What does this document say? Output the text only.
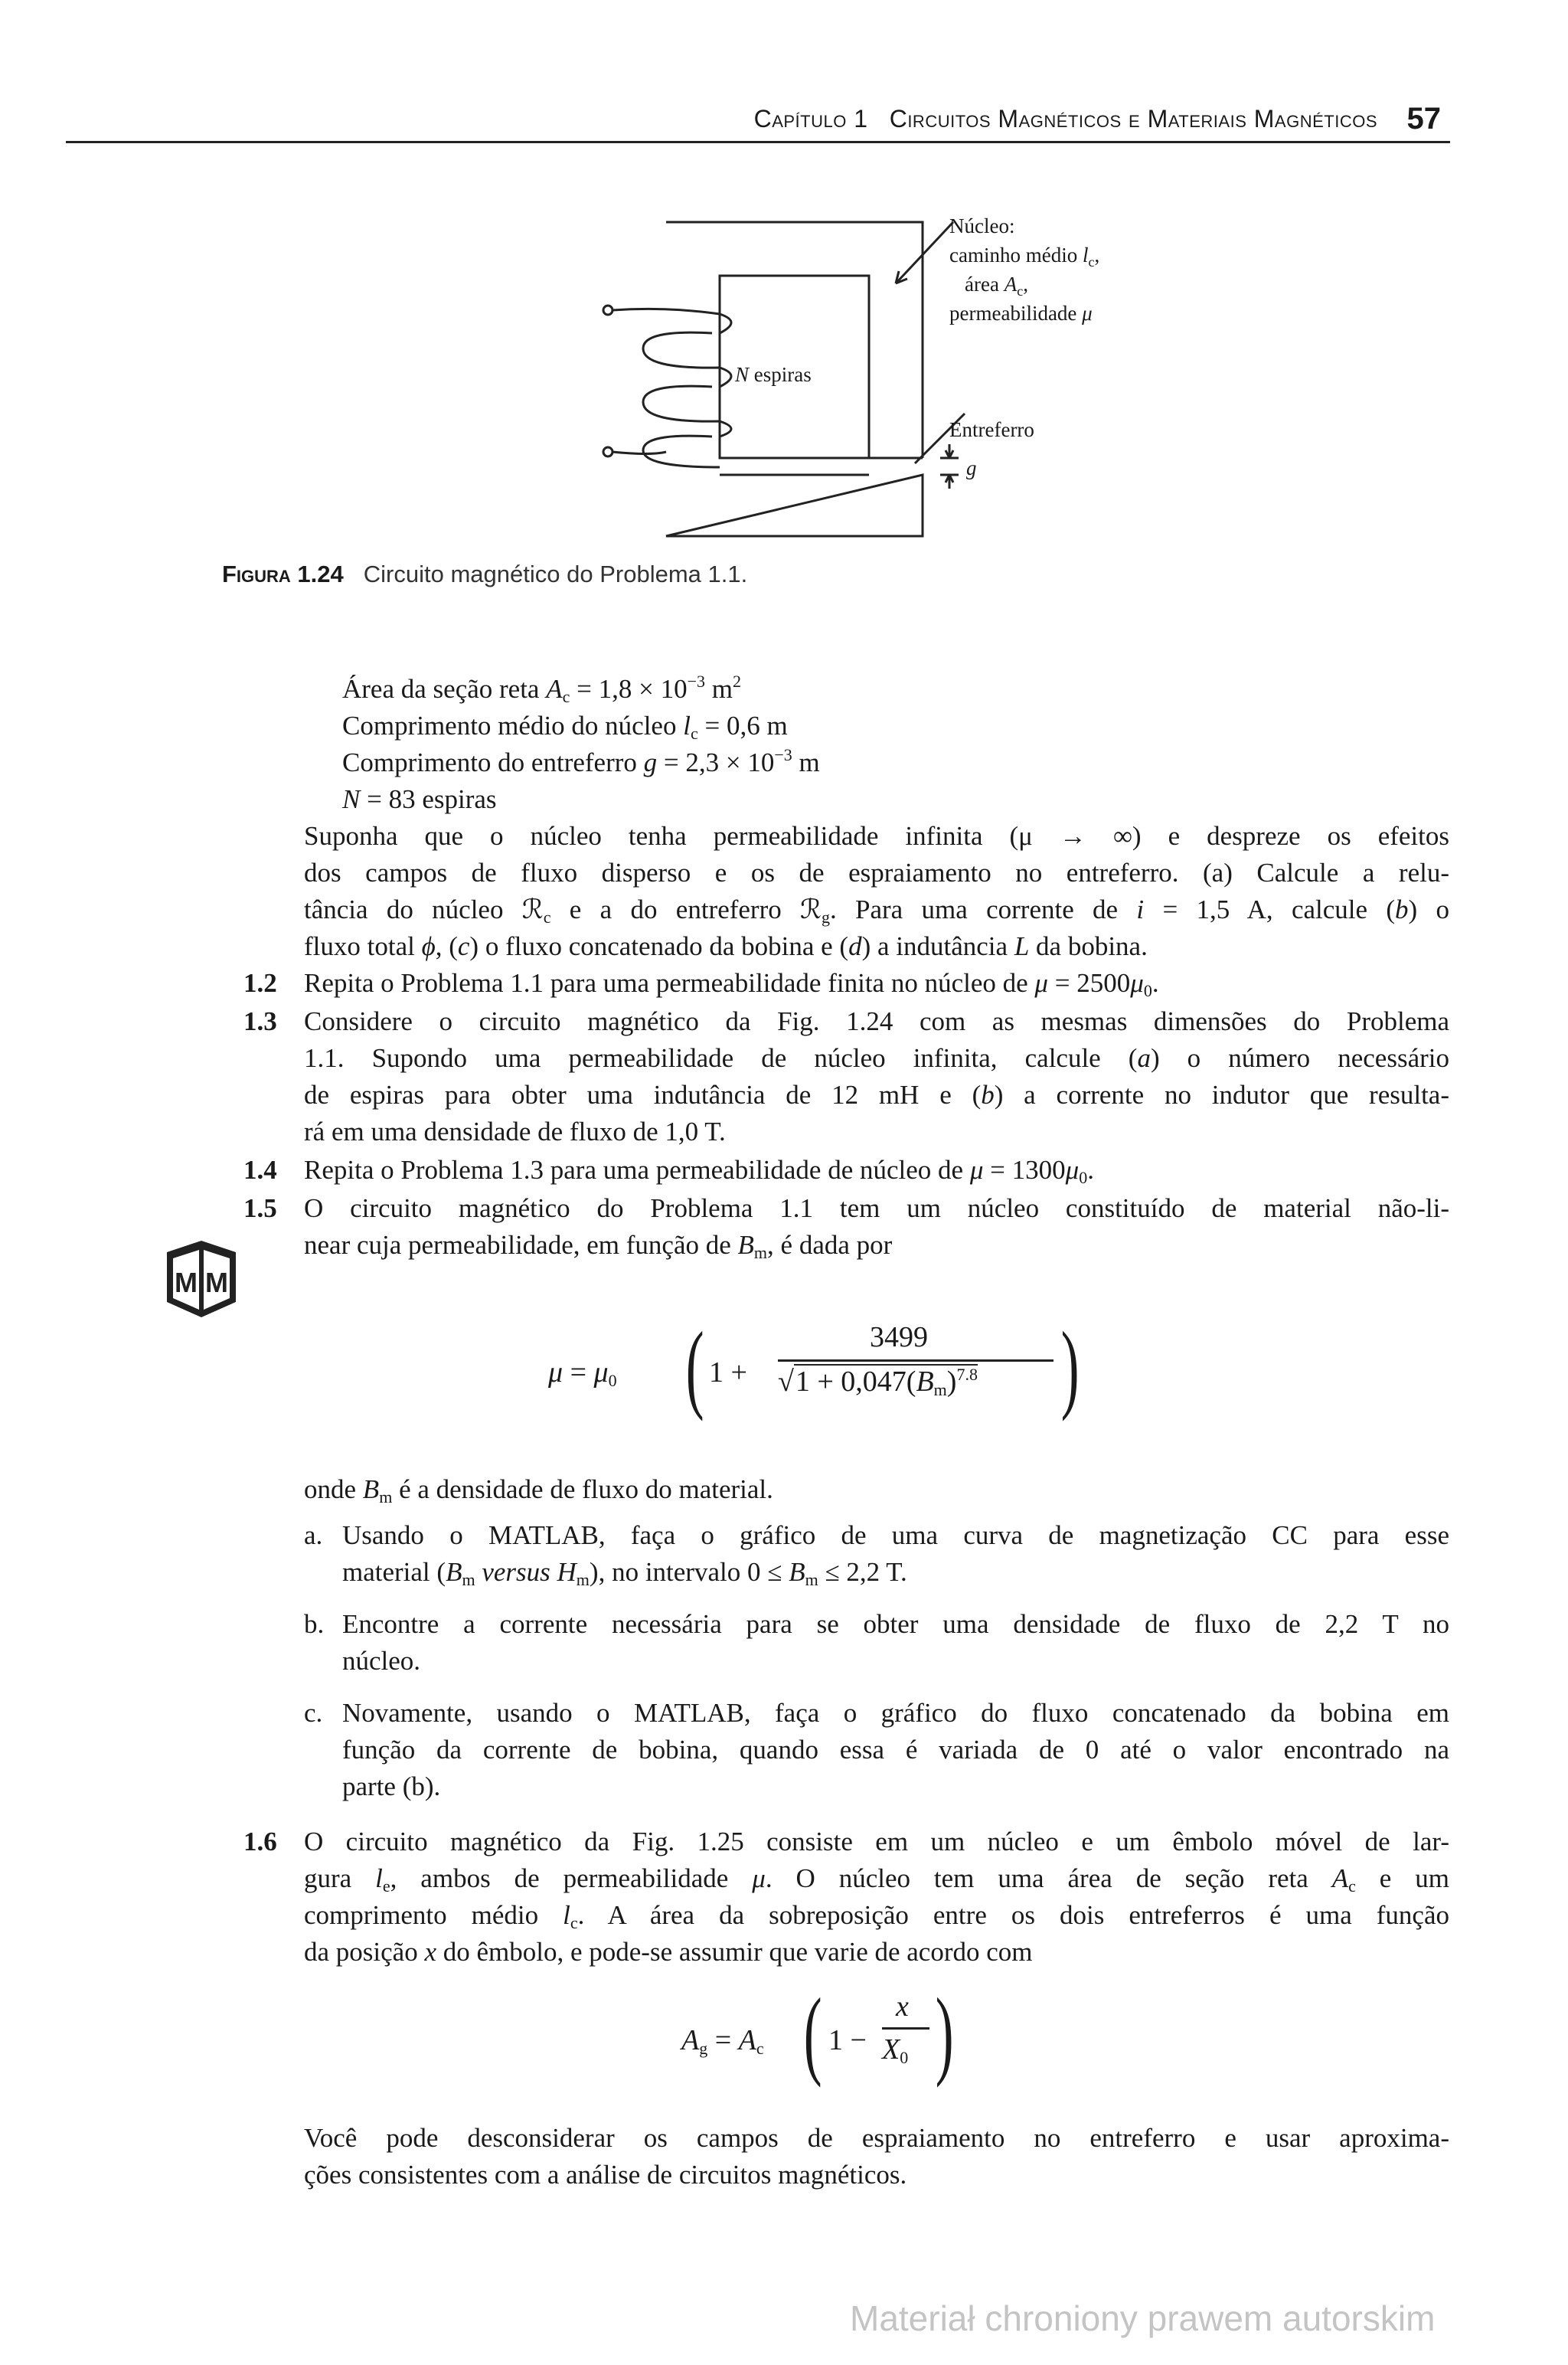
Capítulo 1 Circuitos Magnéticos e Materiais Magnéticos 57
Núcleo:
caminho médio $l_c$,
área $A_c$,
permeabilidade μ
N espiras
Entreferro
g
Figura 1.24 Circuito magnético do Problema 1.1.
Área da seção reta $A_c = 1,8 \times 10^{-3}$ $m^2$
Comprimento médio do núcleo $l_c = 0,6$ m
Comprimento do entreferro $g = 2,3 \times 10^{-3}$ m
N = 83 espiras
Suponha que o núcleo tenha permeabilidade infinita (μ → ∞) e despreze os efeitos
dos campos de fluxo disperso e os de espraiamento no entreferro. (a) Calcule a relu-
tância do núcleo ℛ$_c$ e a do entreferro ℛ$_g$. Para uma corrente de i = 1,5 A, calcule (b) o
fluxo total ϕ, (c) o fluxo concatenado da bobina e (d) a indutância L da bobina.
1.2 Repita o Problema 1.1 para uma permeabilidade finita no núcleo de $\mu = 2500\mu_0$.
1.3 Considere o circuito magnético da Fig. 1.24 com as mesmas dimensões do Problema
1.1. Supondo uma permeabilidade de núcleo infinita, calcule (a) o número necessário
de espiras para obter uma indutância de 12 mH e (b) a corrente no indutor que resulta-
rá em uma densidade de fluxo de 1,0 T.
1.4 Repita o Problema 1.3 para uma permeabilidade de núcleo de $\mu = 1300\mu_0$.
1.5 O circuito magnético do Problema 1.1 tem um núcleo constituído de material não-li-
near cuja permeabilidade, em função de $B_m$, é dada por
$\mu = \mu_0$ ( 1 +
3499
$√1 + 0,047(B_m)^{7.8}$ )
onde $B_m$ é a densidade de fluxo do material.
a. Usando o MATLAB, faça o gráfico de uma curva de magnetização CC para esse
material ($B_m$ versus $H_m$), no intervalo $0 \le B_m \le 2,2$ T.
b. Encontre a corrente necessária para se obter uma densidade de fluxo de 2,2 T no
núcleo.
c. Novamente, usando o MATLAB, faça o gráfico do fluxo concatenado da bobina em
função da corrente de bobina, quando essa é variada de 0 até o valor encontrado na
parte (b).
1.6 O circuito magnético da Fig. 1.25 consiste em um núcleo e um êmbolo móvel de lar-
gura $l_e$, ambos de permeabilidade μ. O núcleo tem uma área de seção reta $A_c$ e um
comprimento médio $l_c$. A área da sobreposição entre os dois entreferros é uma função
da posição x do êmbolo, e pode-se assumir que varie de acordo com
$A_g = A_c$ ( 1 −
x
$X_0$ )
Você pode desconsiderar os campos de espraiamento no entreferro e usar aproxima-
ções consistentes com a análise de circuitos magnéticos.
M M
Materiał chroniony prawem autorskim
